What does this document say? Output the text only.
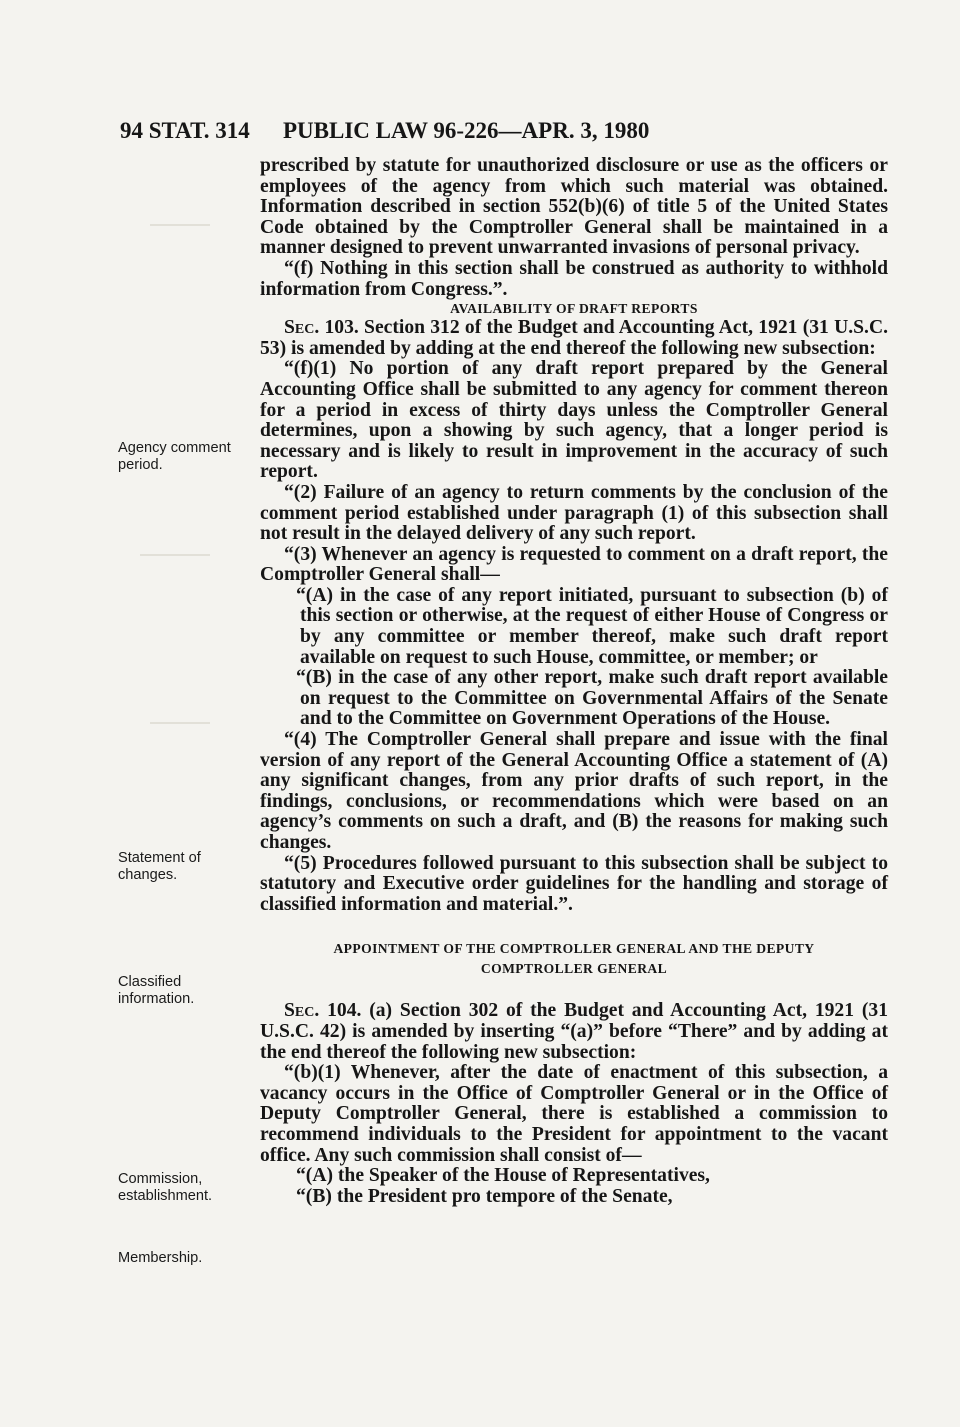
94 STAT. 314 PUBLIC LAW 96-226—APR. 3, 1980
Agency comment period.
Statement of changes.
Classified information.
Commission, establishment.
Membership.

prescribed by statute for unauthorized disclosure or use as the officers or employees of the agency from which such material was obtained. Information described in section 552(b)(6) of title 5 of the United States Code obtained by the Comptroller General shall be maintained in a manner designed to prevent unwarranted invasions of personal privacy.

“(f) Nothing in this section shall be construed as authority to withhold information from Congress.”.

AVAILABILITY OF DRAFT REPORTS

Sec. 103. Section 312 of the Budget and Accounting Act, 1921 (31 U.S.C. 53) is amended by adding at the end thereof the following new subsection:

“(f)(1) No portion of any draft report prepared by the General Accounting Office shall be submitted to any agency for comment thereon for a period in excess of thirty days unless the Comptroller General determines, upon a showing by such agency, that a longer period is necessary and is likely to result in improvement in the accuracy of such report.

“(2) Failure of an agency to return comments by the conclusion of the comment period established under paragraph (1) of this subsection shall not result in the delayed delivery of any such report.

“(3) Whenever an agency is requested to comment on a draft report, the Comptroller General shall—

“(A) in the case of any report initiated, pursuant to subsection (b) of this section or otherwise, at the request of either House of Congress or by any committee or member thereof, make such draft report available on request to such House, committee, or member; or

“(B) in the case of any other report, make such draft report available on request to the Committee on Governmental Affairs of the Senate and to the Committee on Government Operations of the House.

“(4) The Comptroller General shall prepare and issue with the final version of any report of the General Accounting Office a statement of (A) any significant changes, from any prior drafts of such report, in the findings, conclusions, or recommendations which were based on an agency’s comments on such a draft, and (B) the reasons for making such changes.

“(5) Procedures followed pursuant to this subsection shall be subject to statutory and Executive order guidelines for the handling and storage of classified information and material.”.

APPOINTMENT OF THE COMPTROLLER GENERAL AND THE DEPUTY
COMPTROLLER GENERAL

Sec. 104. (a) Section 302 of the Budget and Accounting Act, 1921 (31 U.S.C. 42) is amended by inserting “(a)” before “There” and by adding at the end thereof the following new subsection:

“(b)(1) Whenever, after the date of enactment of this subsection, a vacancy occurs in the Office of Comptroller General or in the Office of Deputy Comptroller General, there is established a commission to recommend individuals to the President for appointment to the vacant office. Any such commission shall consist of—

“(A) the Speaker of the House of Representatives,

“(B) the President pro tempore of the Senate,
